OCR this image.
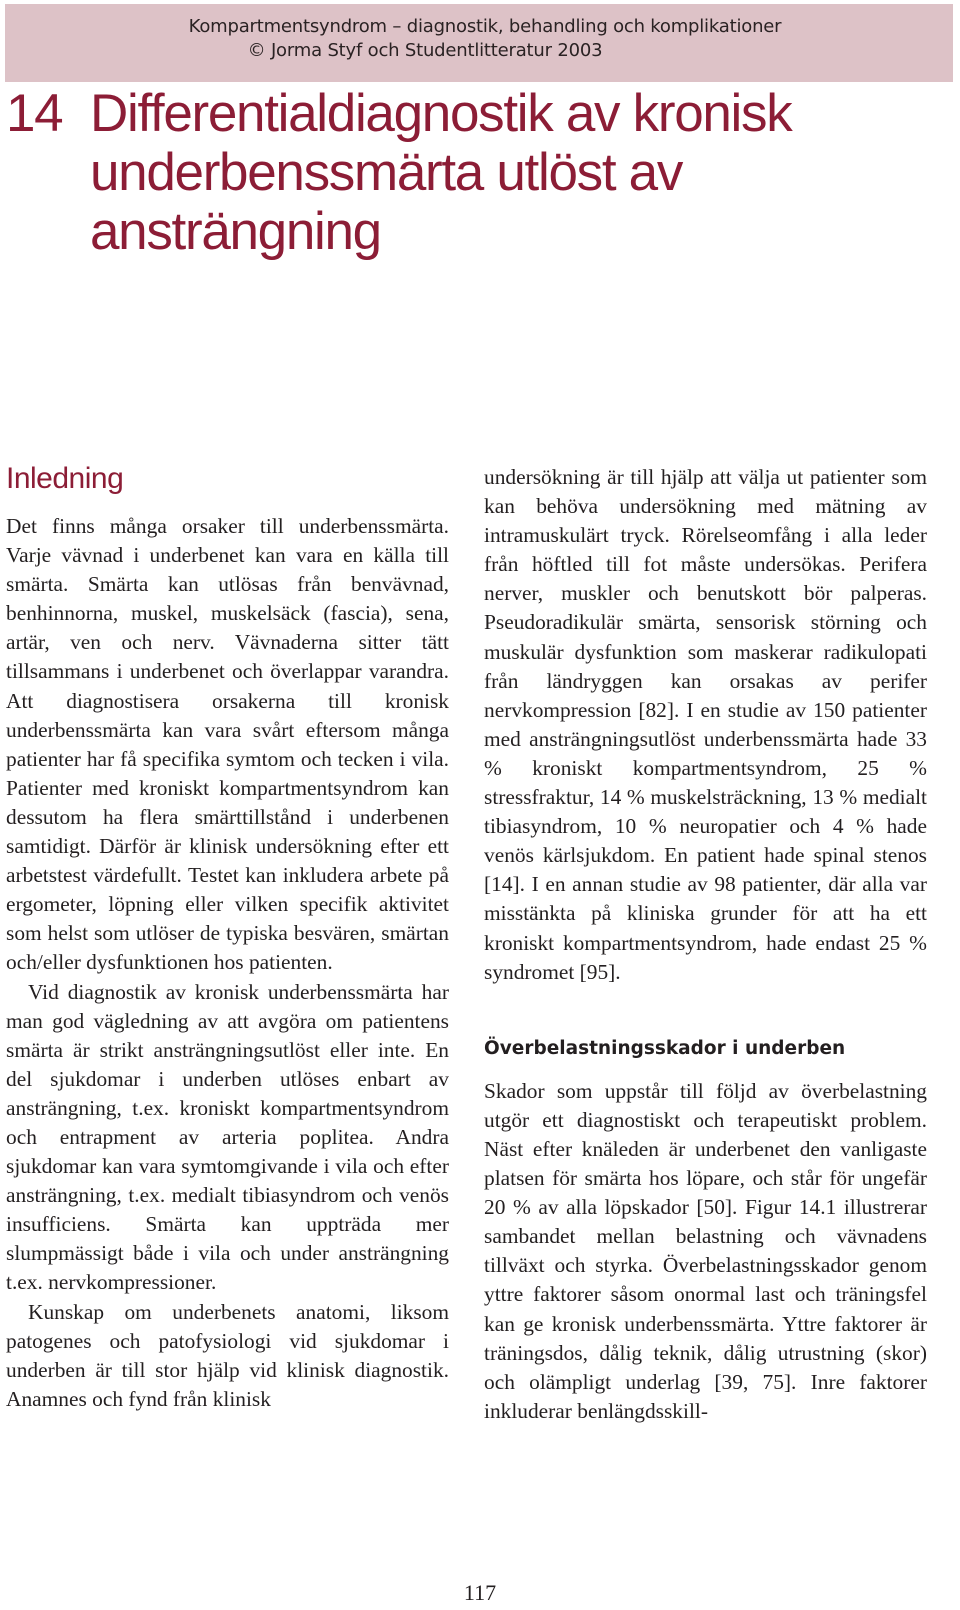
Kompartmentsyndrom – diagnostik, behandling och komplikationer
© Jorma Styf och Studentlitteratur 2003
14 Differentialdiagnostik av kronisk underbenssmärta utlöst av ansträngning
Inledning

Det finns många orsaker till underbenssmärta. Varje vävnad i underbenet kan vara en källa till smärta. Smärta kan utlösas från benvävnad, benhinnorna, muskel, muskelsäck (fascia), sena, artär, ven och nerv. Vävnaderna sitter tätt tillsammans i underbenet och överlappar varandra. Att diagnostisera orsakerna till kronisk underbenssmärta kan vara svårt eftersom många patienter har få specifika symtom och tecken i vila. Patienter med kroniskt kompartmentsyndrom kan dessutom ha flera smärttillstånd i underbenen samtidigt. Därför är klinisk undersökning efter ett arbetstest värdefullt. Testet kan inkludera arbete på ergometer, löpning eller vilken specifik aktivitet som helst som utlöser de typiska besvären, smärtan och/eller dysfunktionen hos patienten.

Vid diagnostik av kronisk underbenssmärta har man god vägledning av att avgöra om patientens smärta är strikt ansträngningsutlöst eller inte. En del sjukdomar i underben utlöses enbart av ansträngning, t.ex. kroniskt kompartmentsyndrom och entrapment av arteria poplitea. Andra sjukdomar kan vara symtomgivande i vila och efter ansträngning, t.ex. medialt tibiasyndrom och venös insufficiens. Smärta kan uppträda mer slumpmässigt både i vila och under ansträngning t.ex. nervkompressioner.

Kunskap om underbenets anatomi, liksom patogenes och patofysiologi vid sjukdomar i underben är till stor hjälp vid klinisk diagnostik. Anamnes och fynd från klinisk

undersökning är till hjälp att välja ut patienter som kan behöva undersökning med mätning av intramuskulärt tryck. Rörelseomfång i alla leder från höftled till fot måste undersökas. Perifera nerver, muskler och benutskott bör palperas. Pseudoradikulär smärta, sensorisk störning och muskulär dysfunktion som maskerar radikulopati från ländryggen kan orsakas av perifer nervkompression [82]. I en studie av 150 patienter med ansträngningsutlöst underbenssmärta hade 33 % kroniskt kompartmentsyndrom, 25 % stressfraktur, 14 % muskelsträckning, 13 % medialt tibiasyndrom, 10 % neuropatier och 4 % hade venös kärlsjukdom. En patient hade spinal stenos [14]. I en annan studie av 98 patienter, där alla var misstänkta på kliniska grunder för att ha ett kroniskt kompartmentsyndrom, hade endast 25 % syndromet [95].

Överbelastningsskador i underben

Skador som uppstår till följd av överbelastning utgör ett diagnostiskt och terapeutiskt problem. Näst efter knäleden är underbenet den vanligaste platsen för smärta hos löpare, och står för ungefär 20 % av alla löpskador [50]. Figur 14.1 illustrerar sambandet mellan belastning och vävnadens tillväxt och styrka. Överbelastningsskador genom yttre faktorer såsom onormal last och träningsfel kan ge kronisk underbenssmärta. Yttre faktorer är träningsdos, dålig teknik, dålig utrustning (skor) och olämpligt underlag [39, 75]. Inre faktorer inkluderar benlängdsskill-

117
